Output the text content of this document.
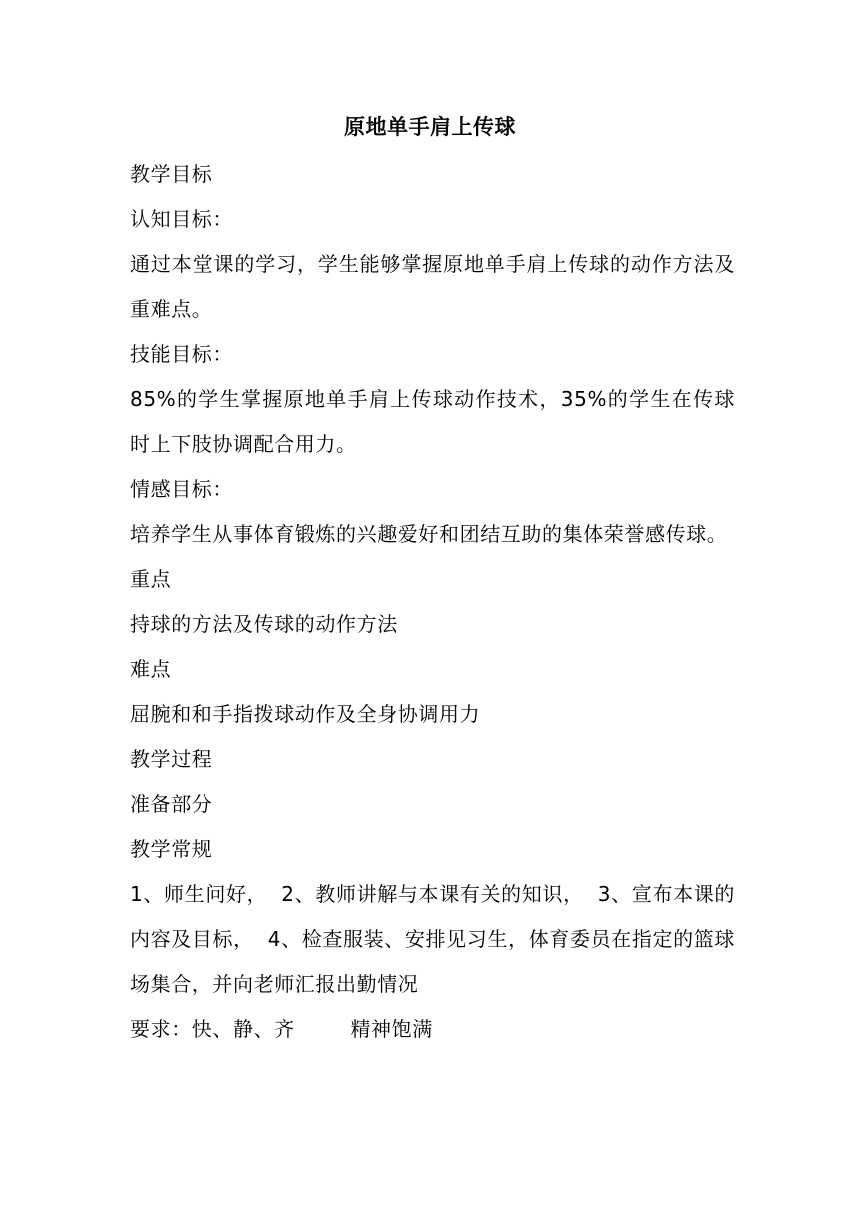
原地单手肩上传球

教学目标

认知目标：

通过本堂课的学习，学生能够掌握原地单手肩上传球的动作方法及重难点。

技能目标：

85%的学生掌握原地单手肩上传球动作技术，35%的学生在传球时上下肢协调配合用力。

情感目标：

培养学生从事体育锻炼的兴趣爱好和团结互助的集体荣誉感传球。

重点

持球的方法及传球的动作方法

难点

屈腕和和手指拨球动作及全身协调用力

教学过程

准备部分

教学常规

1、师生问好，  2、教师讲解与本课有关的知识，  3、宣布本课的内容及目标，  4、检查服装、安排见习生，体育委员在指定的篮球场集合，并向老师汇报出勤情况

要求：快、静、齐        精神饱满
